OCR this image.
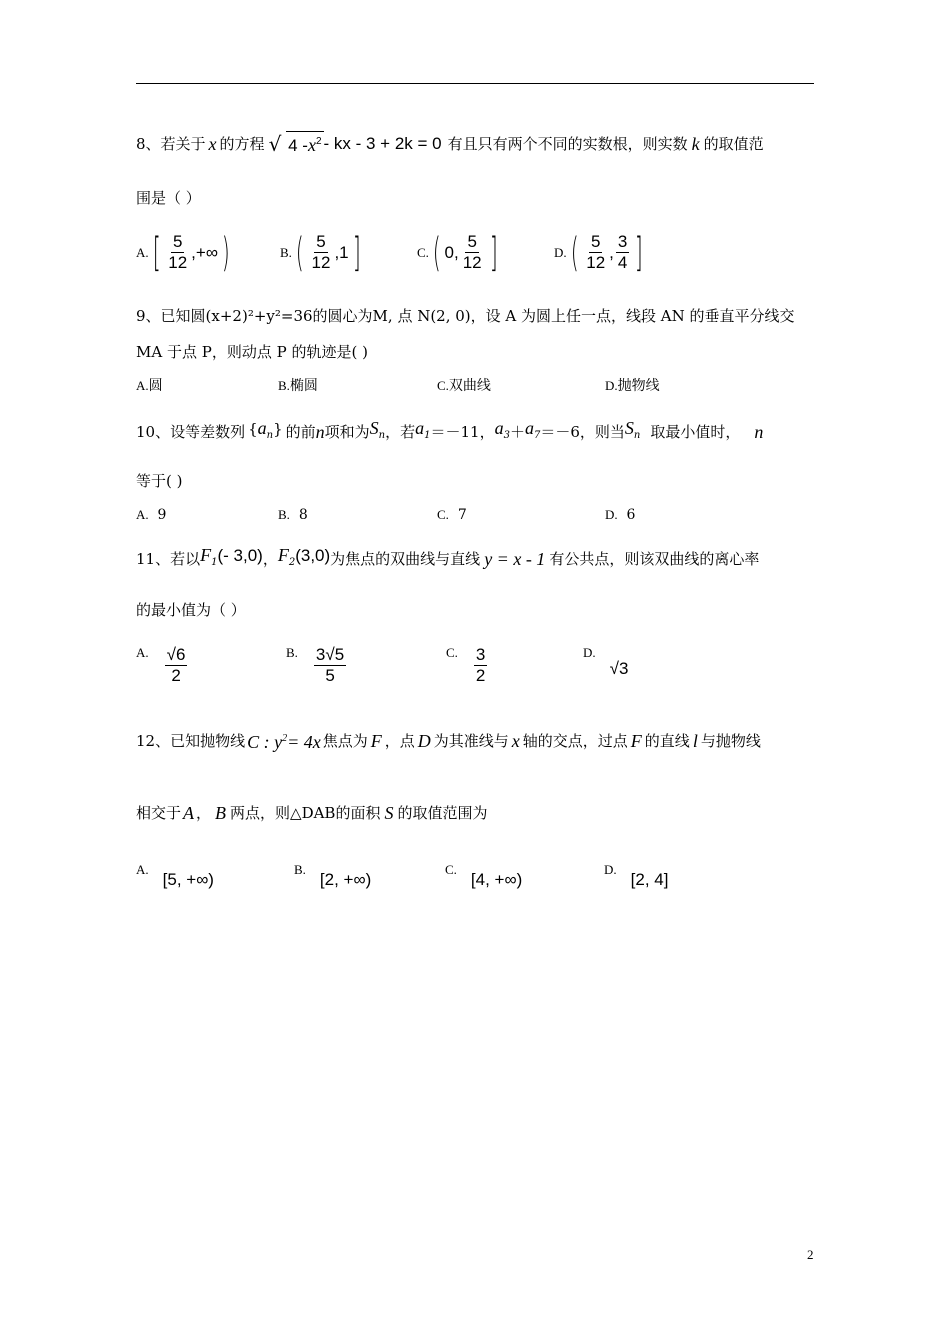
8、若关于 x 的方程 √ 4 -x2 - kx - 3 + 2k = 0 有且只有两个不同的实数根，则实数 k 的取值范
围是（ ）
A. [ $\frac{5}{12}$ ,+∞ )	B. ( $\frac{5}{12} ,1$ ]	C. ( 0, $\frac{5}{12}$ ]	D. ( $\frac{5}{12}$ , $\frac{3}{4}$ ]
9、已知圆(x+2)²+y²=36的圆心为M, 点 N(2, 0)，设 A 为圆上任一点，线段 AN 的垂直平分线交
MA 于点 P，则动点 P 的轨迹是( )
A.圆	B.椭圆	C.双曲线	D.抛物线
10、设等差数列 {an} 的前 n 项和为 Sn ，若 a1 ＝－11， a3 ＋ a7 ＝－6，则当 Sn 取最小值时， n
等于( )
A. 9	B. 8	C. 7	D. 6
11、若以 F1(- 3,0) ， F2(3,0) 为焦点的双曲线与直线 y = x - 1 有公共点，则该双曲线的离心率
的最小值为（ ）
A. $\frac{√6}{2}$	B. $\frac{3√5}{5}$	C. $\frac{3}{2}$	D.
√3
12、已知抛物线 C : y2= 4x 焦点为 F ，点 D 为其准线与 x 轴的交点，过点 F 的直线 l 与抛物线
相交于 A ， B 两点，则△DAB的面积 S 的取值范围为
A.
[5, +∞)
B.
[2, +∞)
C.
[4, +∞)
D.
[2, 4]
2
